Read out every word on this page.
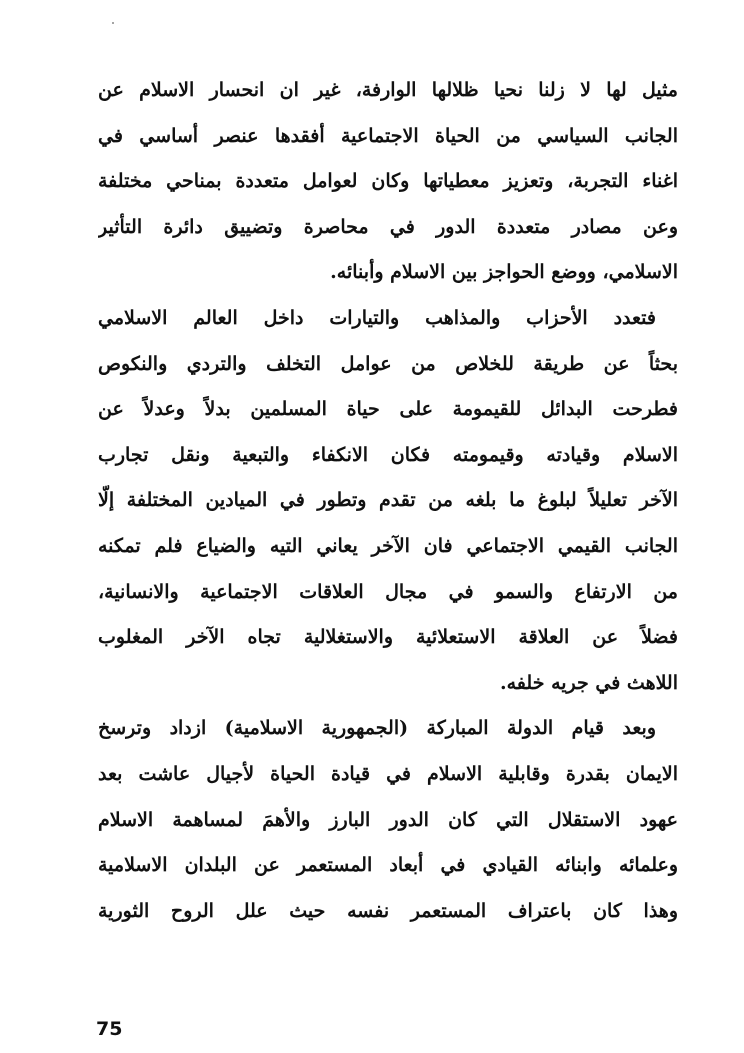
مثيل لها لا زلنا نحيا ظلالها الوارفة، غير ان انحسار الاسلام عن
الجانب السياسي من الحياة الاجتماعية أفقدها عنصر أساسي في
اغناء التجربة، وتعزيز معطياتها وكان لعوامل متعددة بمناحي مختلفة
وعن مصادر متعددة الدور في محاصرة وتضييق دائرة التأثير
الاسلامي، ووضع الحواجز بين الاسلام وأبنائه.
فتعدد الأحزاب والمذاهب والتيارات داخل العالم الاسلامي
بحثاً عن طريقة للخلاص من عوامل التخلف والتردي والنكوص
فطرحت البدائل للقيمومة على حياة المسلمين بدلاً وعدلاً عن
الاسلام وقيادته وقيمومته فكان الانكفاء والتبعية ونقل تجارب
الآخر تعليلاً لبلوغ ما بلغه من تقدم وتطور في الميادين المختلفة إلّا
الجانب القيمي الاجتماعي فان الآخر يعاني التيه والضياع فلم تمكنه
من الارتفاع والسمو في مجال العلاقات الاجتماعية والانسانية،
فضلاً عن العلاقة الاستعلائية والاستغلالية تجاه الآخر المغلوب
اللاهث في جريه خلفه.
وبعد قيام الدولة المباركة (الجمهورية الاسلامية) ازداد وترسخ
الايمان بقدرة وقابلية الاسلام في قيادة الحياة لأجيال عاشت بعد
عهود الاستقلال التي كان الدور البارز والأهمَ لمساهمة الاسلام
وعلمائه وابنائه القيادي في أبعاد المستعمر عن البلدان الاسلامية
وهذا كان باعتراف المستعمر نفسه حيث علل الروح الثورية
75
